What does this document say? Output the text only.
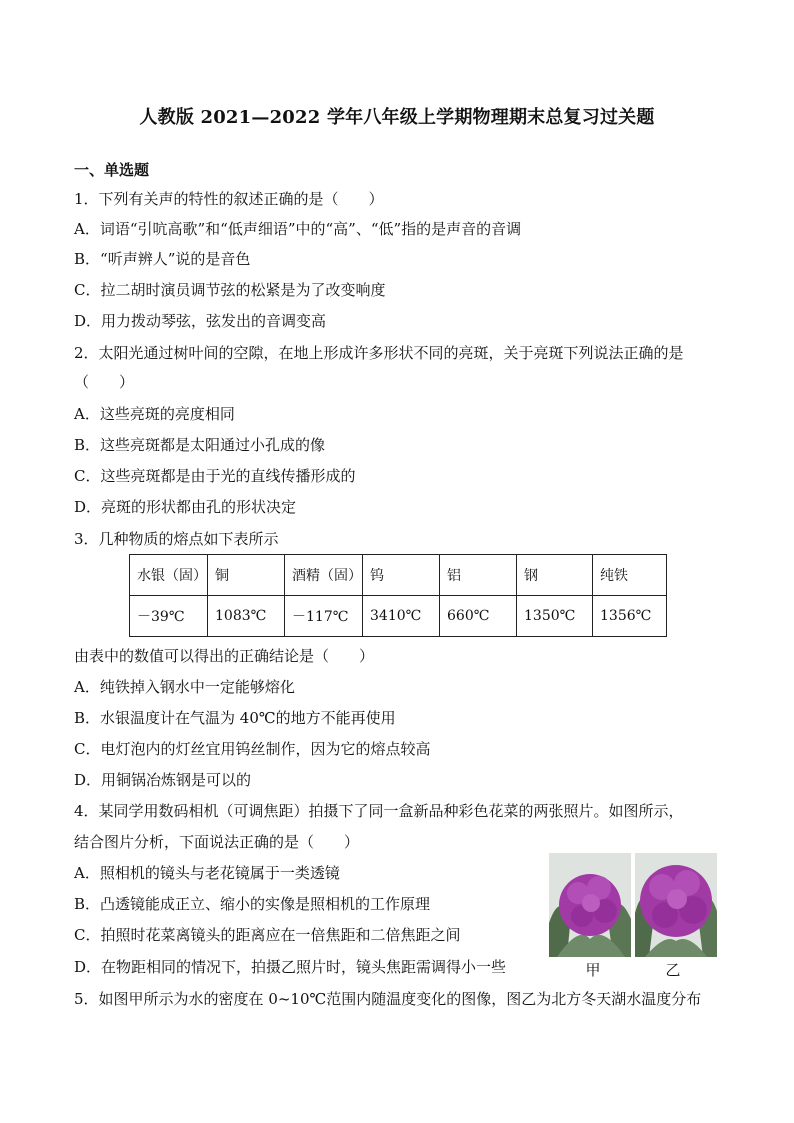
人教版 2021—2022 学年八年级上学期物理期末总复习过关题
一、单选题
1．下列有关声的特性的叙述正确的是（　　）
A．词语“引吭高歌”和“低声细语”中的“高”、“低”指的是声音的音调
B．“听声辨人”说的是音色
C．拉二胡时演员调节弦的松紧是为了改变响度
D．用力拨动琴弦，弦发出的音调变高
2．太阳光通过树叶间的空隙，在地上形成许多形状不同的亮斑，关于亮斑下列说法正确的是
（　　）
A．这些亮斑的亮度相同
B．这些亮斑都是太阳通过小孔成的像
C．这些亮斑都是由于光的直线传播形成的
D．亮斑的形状都由孔的形状决定
3．几种物质的熔点如下表所示
水银（固）	铜	酒精（固）	钨	铝	钢	纯铁
－39℃	1083℃	－117℃	3410℃	660℃	1350℃	1356℃
由表中的数值可以得出的正确结论是（　　）
A．纯铁掉入钢水中一定能够熔化
B．水银温度计在气温为 40℃的地方不能再使用
C．电灯泡内的灯丝宜用钨丝制作，因为它的熔点较高
D．用铜锅冶炼钢是可以的
4．某同学用数码相机（可调焦距）拍摄下了同一盒新品种彩色花菜的两张照片。如图所示，
结合图片分析，下面说法正确的是（　　）
A．照相机的镜头与老花镜属于一类透镜
B．凸透镜能成正立、缩小的实像是照相机的工作原理
C．拍照时花菜离镜头的距离应在一倍焦距和二倍焦距之间
D．在物距相同的情况下，拍摄乙照片时，镜头焦距需调得小一些	甲	乙
5．如图甲所示为水的密度在 0~10℃范围内随温度变化的图像，图乙为北方冬天湖水温度分布
